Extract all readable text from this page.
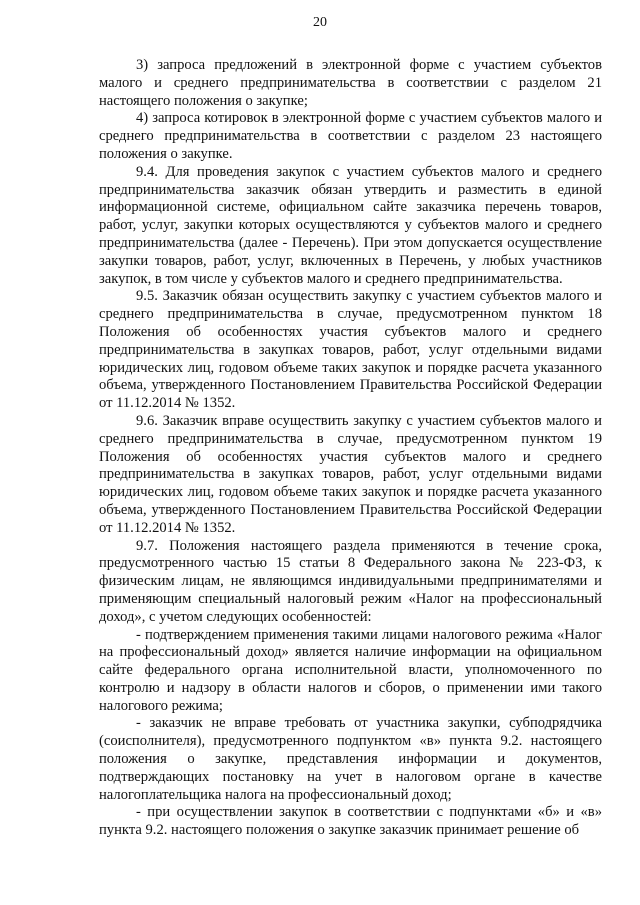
20

3) запроса предложений в электронной форме с участием субъектов малого и среднего предпринимательства в соответствии с разделом 21 настоящего положения о закупке;

4) запроса котировок в электронной форме с участием субъектов малого и среднего предпринимательства в соответствии с разделом 23 настоящего положения о закупке.

9.4. Для проведения закупок с участием субъектов малого и среднего предпринимательства заказчик обязан утвердить и разместить в единой информационной системе, официальном сайте заказчика перечень товаров, работ, услуг, закупки которых осуществляются у субъектов малого и среднего предпринимательства (далее - Перечень). При этом допускается осуществление закупки товаров, работ, услуг, включенных в Перечень, у любых участников закупок, в том числе у субъектов малого и среднего предпринимательства.

9.5. Заказчик обязан осуществить закупку с участием субъектов малого и среднего предпринимательства в случае, предусмотренном пунктом 18 Положения об особенностях участия субъектов малого и среднего предпринимательства в закупках товаров, работ, услуг отдельными видами юридических лиц, годовом объеме таких закупок и порядке расчета указанного объема, утвержденного Постановлением Правительства Российской Федерации от 11.12.2014 № 1352.

9.6. Заказчик вправе осуществить закупку с участием субъектов малого и среднего предпринимательства в случае, предусмотренном пунктом 19 Положения об особенностях участия субъектов малого и среднего предпринимательства в закупках товаров, работ, услуг отдельными видами юридических лиц, годовом объеме таких закупок и порядке расчета указанного объема, утвержденного Постановлением Правительства Российской Федерации от 11.12.2014 № 1352.

9.7. Положения настоящего раздела применяются в течение срока, предусмотренного частью 15 статьи 8 Федерального закона № 223-ФЗ, к физическим лицам, не являющимся индивидуальными предпринимателями и применяющим специальный налоговый режим «Налог на профессиональный доход», с учетом следующих особенностей:

- подтверждением применения такими лицами налогового режима «Налог на профессиональный доход» является наличие информации на официальном сайте федерального органа исполнительной власти, уполномоченного по контролю и надзору в области налогов и сборов, о применении ими такого налогового режима;

- заказчик не вправе требовать от участника закупки, субподрядчика (соисполнителя), предусмотренного подпунктом «в» пункта 9.2. настоящего положения о закупке, представления информации и документов, подтверждающих постановку на учет в налоговом органе в качестве налогоплательщика налога на профессиональный доход;

- при осуществлении закупок в соответствии с подпунктами «б» и «в» пункта 9.2. настоящего положения о закупке заказчик принимает решение об
